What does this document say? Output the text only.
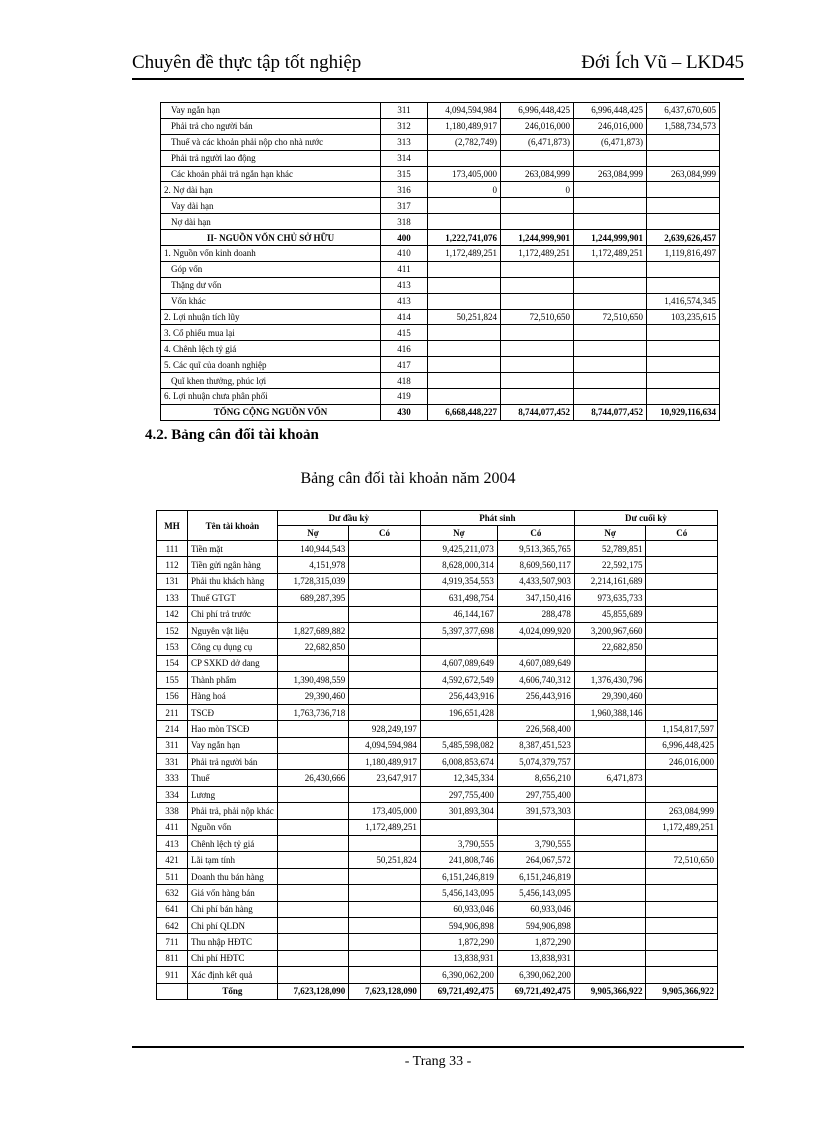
Chuyên đề thực tập tốt nghiệp	Đới Ích Vũ – LKD45
Vay ngắn hạn	311	4,094,594,984	6,996,448,425	6,996,448,425	6,437,670,605
Phải trả cho người bán	312	1,180,489,917	246,016,000	246,016,000	1,588,734,573
Thuế và các khoản phải nộp cho nhà nước	313	(2,782,749)	(6,471,873)	(6,471,873)	
Phải trả người lao động	314				
Các khoản phải trả ngắn hạn khác	315	173,405,000	263,084,999	263,084,999	263,084,999
2. Nợ dài hạn	316	0	0		
Vay dài hạn	317				
Nợ dài hạn	318				
II- NGUỒN VỐN CHỦ SỞ HỮU	400	1,222,741,076	1,244,999,901	1,244,999,901	2,639,626,457
1. Nguồn vốn kinh doanh	410	1,172,489,251	1,172,489,251	1,172,489,251	1,119,816,497
Góp vốn	411				
Thặng dư vốn	413				
Vốn khác	413				1,416,574,345
2. Lợi nhuận tích lũy	414	50,251,824	72,510,650	72,510,650	103,235,615
3. Cổ phiếu mua lại	415				
4. Chênh lệch tỷ giá	416				
5. Các quĩ của doanh nghiệp	417				
Quĩ khen thưởng, phúc lợi	418				
6. Lợi nhuận chưa phân phối	419				
TỔNG CỘNG NGUỒN VỐN	430	6,668,448,227	8,744,077,452	8,744,077,452	10,929,116,634
4.2. Bảng cân đối tài khoản
Bảng cân đối tài khoản năm 2004
MH	Tên tài khoản	Dư đầu kỳ		Phát sinh		Dư cuối kỳ	
		Nợ	Có	Nợ	Có	Nợ	Có
111	Tiền mặt	140,944,543		9,425,211,073	9,513,365,765	52,789,851	
112	Tiền gửi ngân hàng	4,151,978		8,628,000,314	8,609,560,117	22,592,175	
131	Phải thu khách hàng	1,728,315,039		4,919,354,553	4,433,507,903	2,214,161,689	
133	Thuế GTGT	689,287,395		631,498,754	347,150,416	973,635,733	
142	Chi phí trả trước			46,144,167	288,478	45,855,689	
152	Nguyên vật liệu	1,827,689,882		5,397,377,698	4,024,099,920	3,200,967,660	
153	Công cụ dụng cụ	22,682,850				22,682,850	
154	CP SXKD dở dang			4,607,089,649	4,607,089,649		
155	Thành phẩm	1,390,498,559		4,592,672,549	4,606,740,312	1,376,430,796	
156	Hàng hoá	29,390,460		256,443,916	256,443,916	29,390,460	
211	TSCĐ	1,763,736,718		196,651,428		1,960,388,146	
214	Hao mòn TSCĐ		928,249,197		226,568,400		1,154,817,597
311	Vay ngắn hạn		4,094,594,984	5,485,598,082	8,387,451,523		6,996,448,425
331	Phải trả người bán		1,180,489,917	6,008,853,674	5,074,379,757		246,016,000
333	Thuế	26,430,666	23,647,917	12,345,334	8,656,210	6,471,873	
334	Lương			297,755,400	297,755,400		
338	Phải trả, phải nộp khác		173,405,000	301,893,304	391,573,303		263,084,999
411	Nguồn vốn		1,172,489,251				1,172,489,251
413	Chênh lệch tỷ giá			3,790,555	3,790,555		
421	Lãi tạm tính		50,251,824	241,808,746	264,067,572		72,510,650
511	Doanh thu bán hàng			6,151,246,819	6,151,246,819		
632	Giá vốn hàng bán			5,456,143,095	5,456,143,095		
641	Chi phí bán hàng			60,933,046	60,933,046		
642	Chi phí QLDN			594,906,898	594,906,898		
711	Thu nhập HĐTC			1,872,290	1,872,290		
811	Chi phí HĐTC			13,838,931	13,838,931		
911	Xác định kết quả			6,390,062,200	6,390,062,200		
	Tổng	7,623,128,090	7,623,128,090	69,721,492,475	69,721,492,475	9,905,366,922	9,905,366,922
- Trang 33 -
